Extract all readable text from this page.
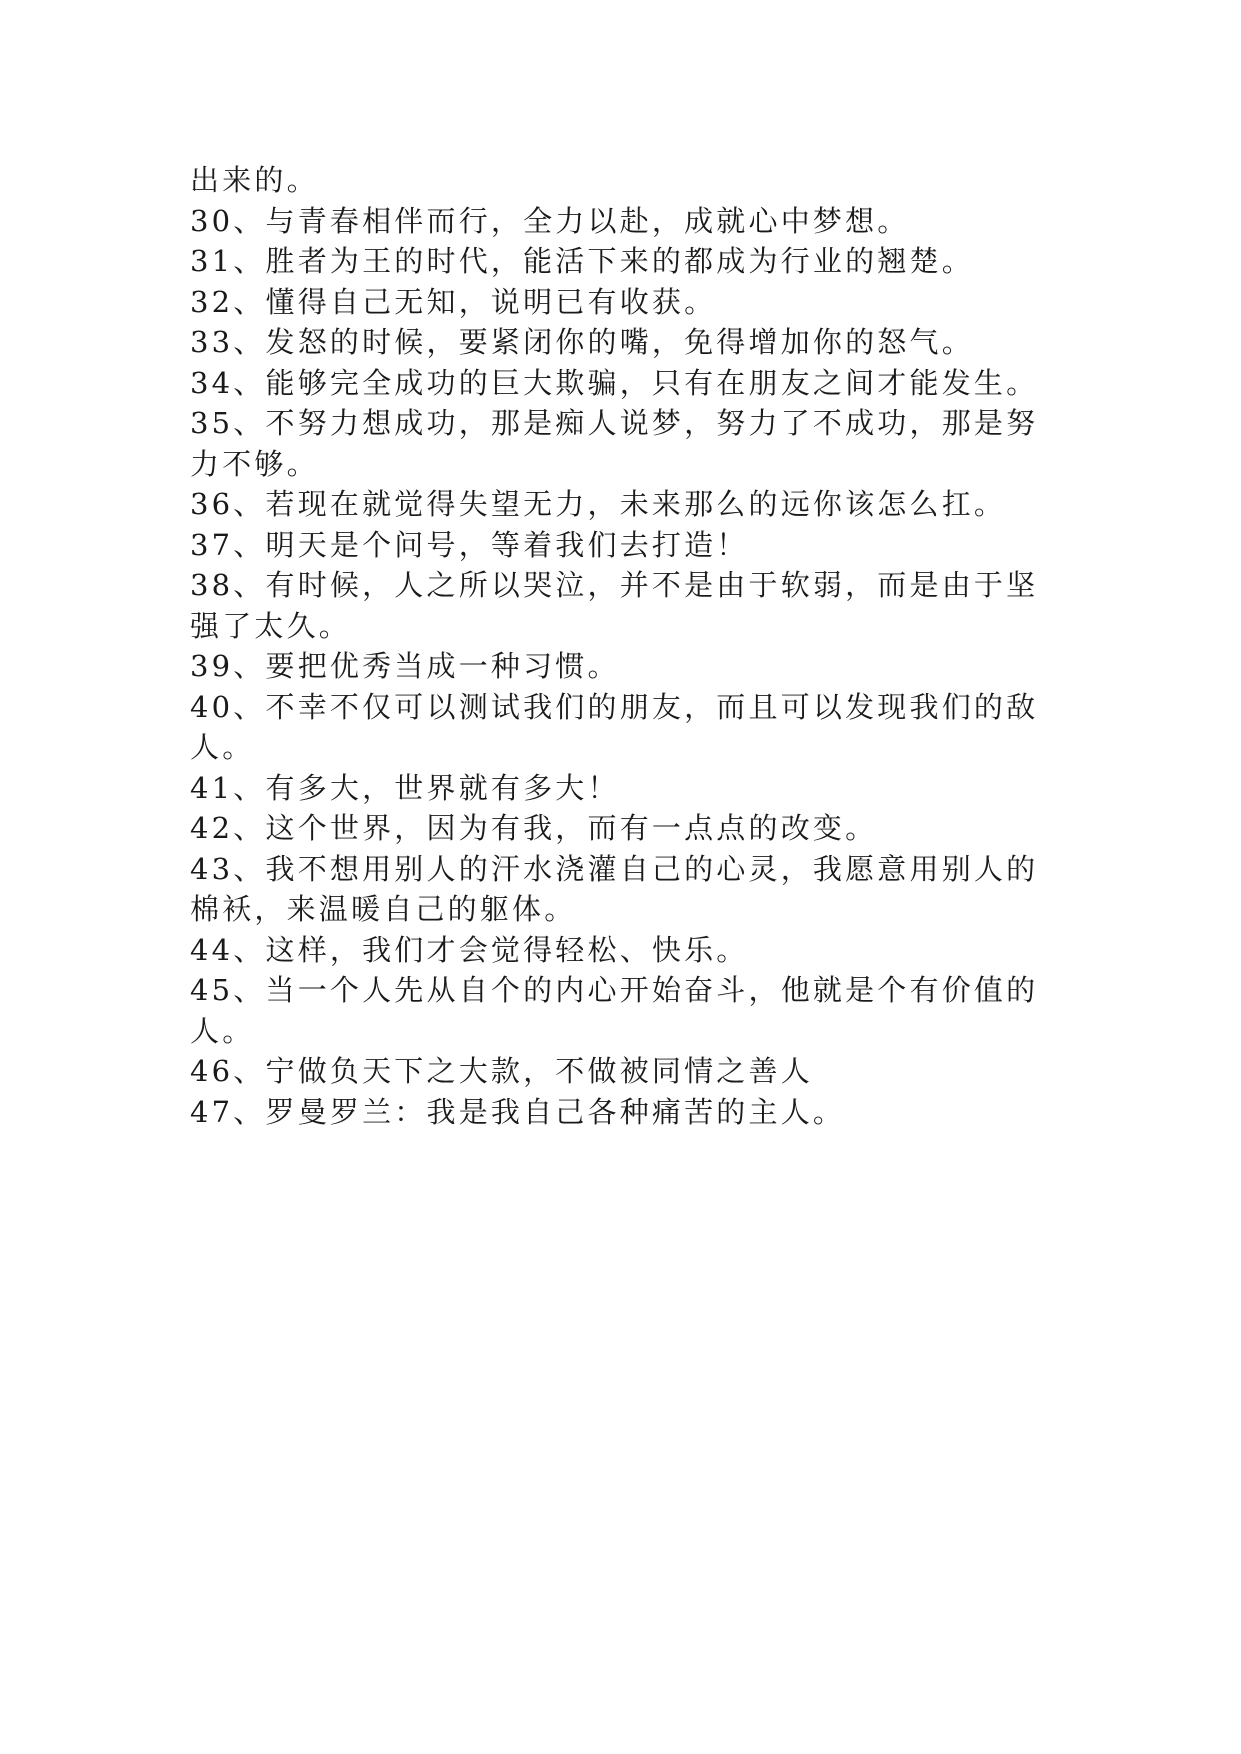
出来的。
30、与青春相伴而行，全力以赴，成就心中梦想。
31、胜者为王的时代，能活下来的都成为行业的翘楚。
32、懂得自己无知，说明已有收获。
33、发怒的时候，要紧闭你的嘴，免得增加你的怒气。
34、能够完全成功的巨大欺骗，只有在朋友之间才能发生。
35、不努力想成功，那是痴人说梦，努力了不成功，那是努
力不够。
36、若现在就觉得失望无力，未来那么的远你该怎么扛。
37、明天是个问号，等着我们去打造！
38、有时候，人之所以哭泣，并不是由于软弱，而是由于坚
强了太久。
39、要把优秀当成一种习惯。
40、不幸不仅可以测试我们的朋友，而且可以发现我们的敌
人。
41、有多大，世界就有多大！
42、这个世界，因为有我，而有一点点的改变。
43、我不想用别人的汗水浇灌自己的心灵，我愿意用别人的
棉袄，来温暖自己的躯体。
44、这样，我们才会觉得轻松、快乐。
45、当一个人先从自个的内心开始奋斗，他就是个有价值的
人。
46、宁做负天下之大款，不做被同情之善人
47、罗曼罗兰：我是我自己各种痛苦的主人。
